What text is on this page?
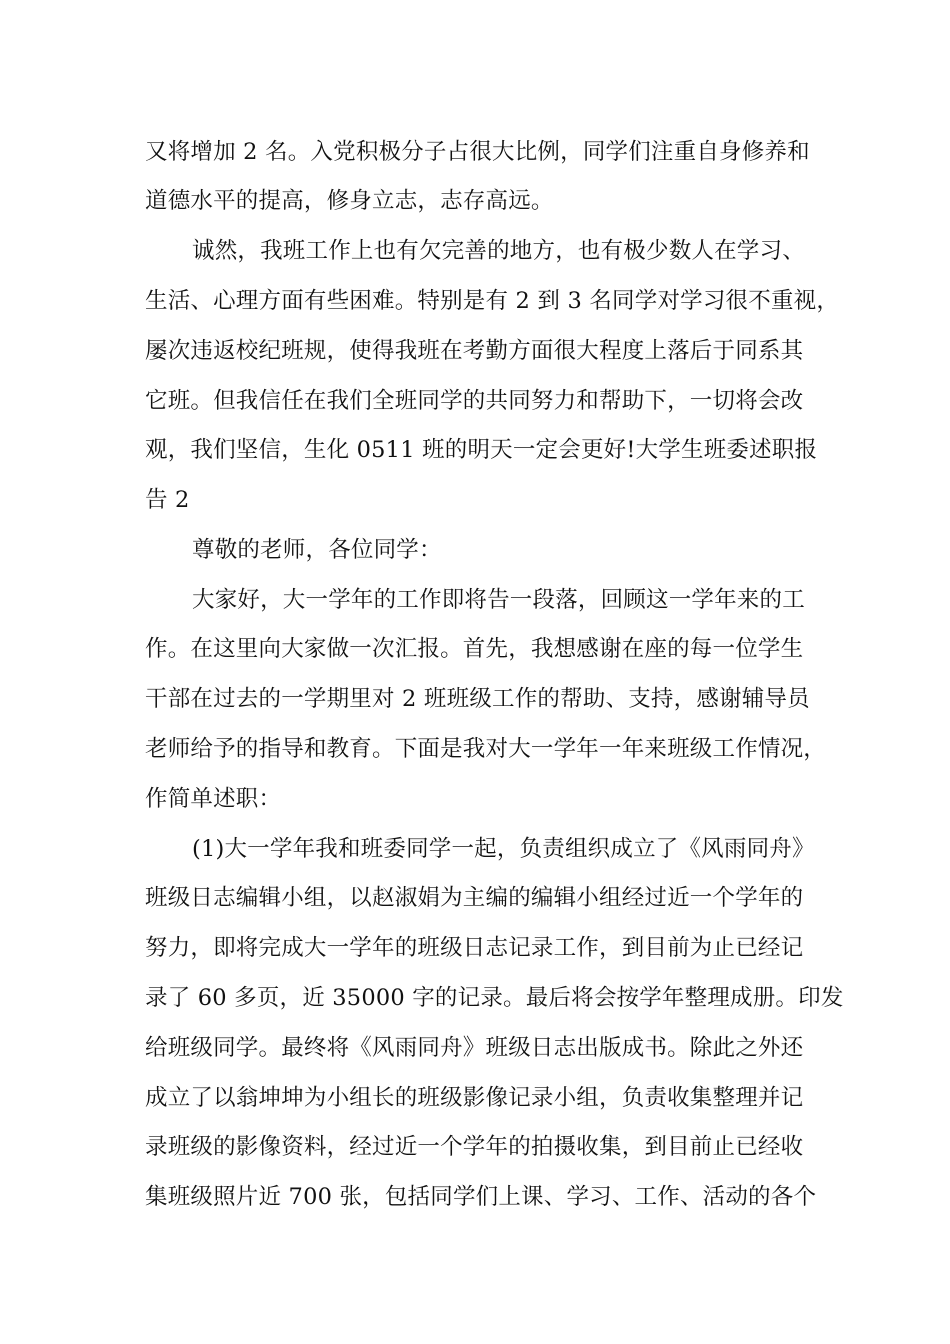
又将增加 2 名。入党积极分子占很大比例，同学们注重自身修养和
道德水平的提高，修身立志，志存高远。
诚然，我班工作上也有欠完善的地方，也有极少数人在学习、
生活、心理方面有些困难。特别是有 2 到 3 名同学对学习很不重视，
屡次违返校纪班规，使得我班在考勤方面很大程度上落后于同系其
它班。但我信任在我们全班同学的共同努力和帮助下，一切将会改
观，我们坚信，生化 0511 班的明天一定会更好!大学生班委述职报
告 2
尊敬的老师，各位同学：
大家好，大一学年的工作即将告一段落，回顾这一学年来的工
作。在这里向大家做一次汇报。首先，我想感谢在座的每一位学生
干部在过去的一学期里对 2 班班级工作的帮助、支持，感谢辅导员
老师给予的指导和教育。下面是我对大一学年一年来班级工作情况，
作简单述职：
(1)大一学年我和班委同学一起，负责组织成立了《风雨同舟》
班级日志编辑小组，以赵淑娟为主编的编辑小组经过近一个学年的
努力，即将完成大一学年的班级日志记录工作，到目前为止已经记
录了 60 多页，近 35000 字的记录。最后将会按学年整理成册。印发
给班级同学。最终将《风雨同舟》班级日志出版成书。除此之外还
成立了以翁坤坤为小组长的班级影像记录小组，负责收集整理并记
录班级的影像资料，经过近一个学年的拍摄收集，到目前止已经收
集班级照片近 700 张，包括同学们上课、学习、工作、活动的各个
